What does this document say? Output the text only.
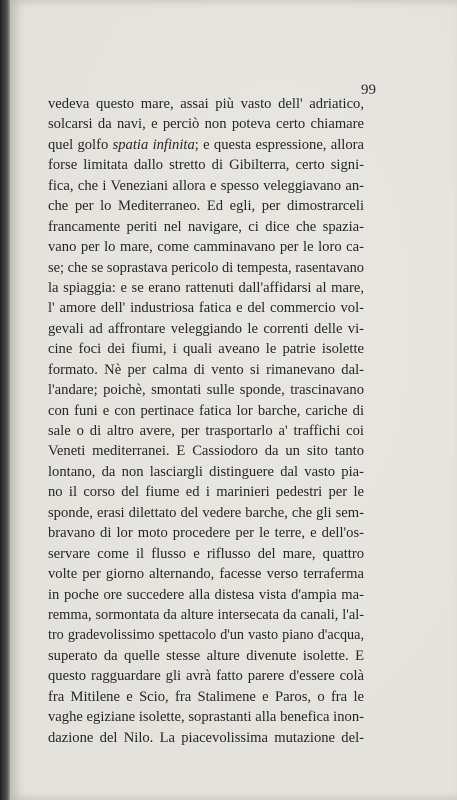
99
vedeva questo mare, assai più vasto dell' adriatico,
solcarsi da navi, e perciò non poteva certo chiamare
quel golfo spatia infinita; e questa espressione, allora
forse limitata dallo stretto di Gibilterra, certo signi-
fica, che i Veneziani allora e spesso veleggiavano an-
che per lo Mediterraneo. Ed egli, per dimostrarceli
francamente periti nel navigare, ci dice che spazia-
vano per lo mare, come camminavano per le loro ca-
se; che se soprastava pericolo di tempesta, rasentavano
la spiaggia: e se erano rattenuti dall'affidarsi al mare,
l' amore dell' industriosa fatica e del commercio vol-
gevali ad affrontare veleggiando le correnti delle vi-
cine foci dei fiumi, i quali aveano le patrie isolette
formato. Nè per calma di vento si rimanevano dal-
l'andare; poichè, smontati sulle sponde, trascinavano
con funi e con pertinace fatica lor barche, cariche di
sale o di altro avere, per trasportarlo a' traffichi coi
Veneti mediterranei. E Cassiodoro da un sito tanto
lontano, da non lasciargli distinguere dal vasto pia-
no il corso del fiume ed i marinieri pedestri per le
sponde, erasi dilettato del vedere barche, che gli sem-
bravano di lor moto procedere per le terre, e dell'os-
servare come il flusso e riflusso del mare, quattro
volte per giorno alternando, facesse verso terraferma
in poche ore succedere alla distesa vista d'ampia ma-
remma, sormontata da alture intersecata da canali, l'al-
tro gradevolissimo spettacolo d'un vasto piano d'acqua,
superato da quelle stesse alture divenute isolette. E
questo ragguardare gli avrà fatto parere d'essere colà
fra Mitilene e Scio, fra Stalimene e Paros, o fra le
vaghe egiziane isolette, soprastanti alla benefica inon-
dazione del Nilo. La piacevolissima mutazione del-
